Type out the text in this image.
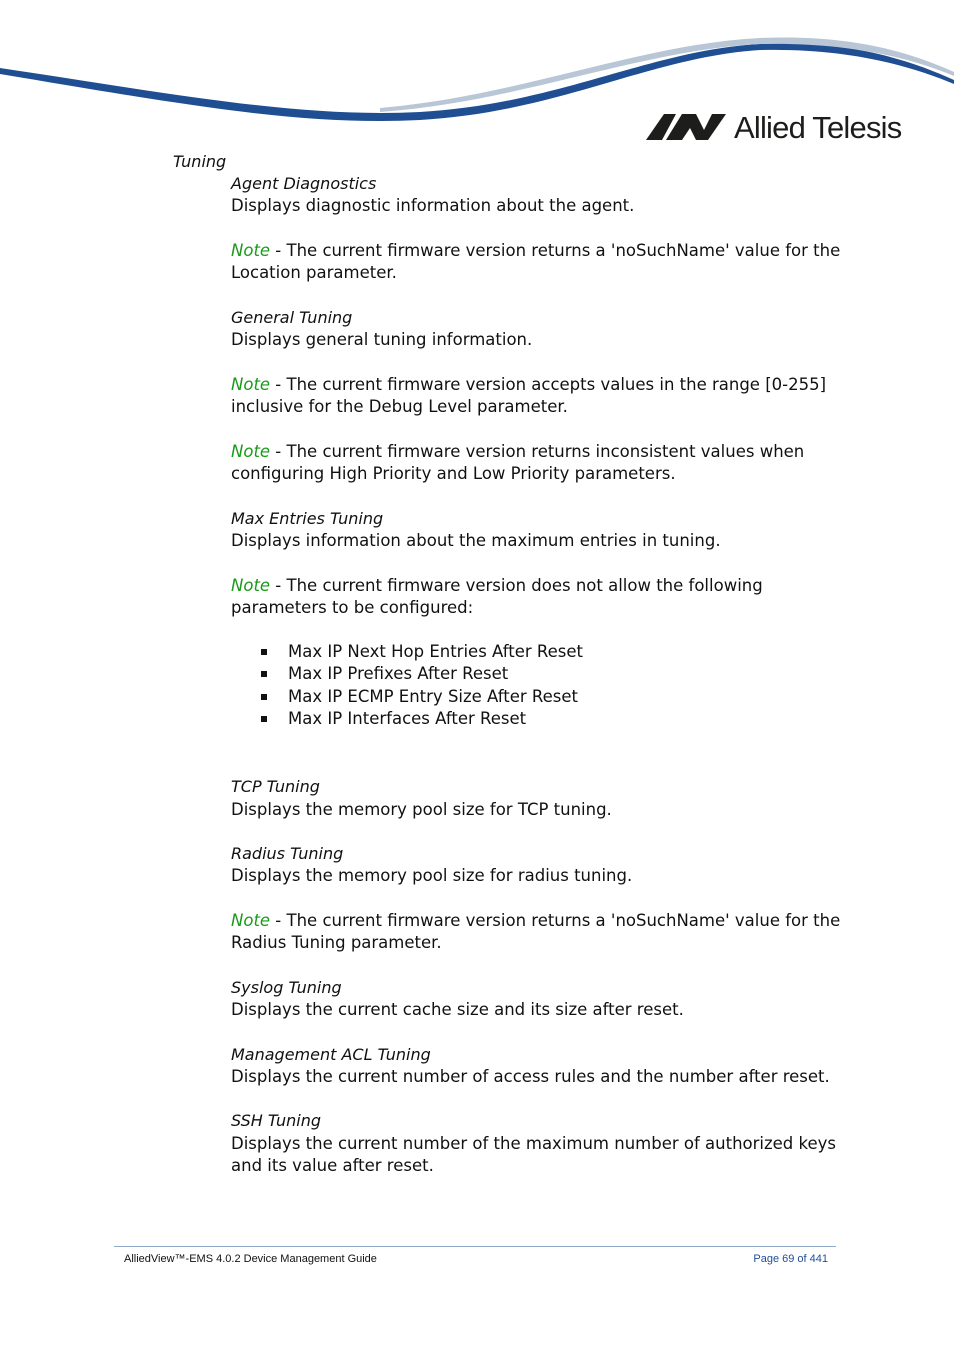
Allied Telesis
Tuning
Agent Diagnostics
Displays diagnostic information about the agent.
Note - The current firmware version returns a 'noSuchName' value for the Location parameter.
General Tuning
Displays general tuning information.
Note - The current firmware version accepts values in the range [0-255] inclusive for the Debug Level parameter.
Note - The current firmware version returns inconsistent values when configuring High Priority and Low Priority parameters.
Max Entries Tuning
Displays information about the maximum entries in tuning.
Note - The current firmware version does not allow the following parameters to be configured:
Max IP Next Hop Entries After Reset
Max IP Prefixes After Reset
Max IP ECMP Entry Size After Reset
Max IP Interfaces After Reset
TCP Tuning
Displays the memory pool size for TCP tuning.
Radius Tuning
Displays the memory pool size for radius tuning.
Note - The current firmware version returns a 'noSuchName' value for the Radius Tuning parameter.
Syslog Tuning
Displays the current cache size and its size after reset.
Management ACL Tuning
Displays the current number of access rules and the number after reset.
SSH Tuning
Displays the current number of the maximum number of authorized keys and its value after reset.
AlliedView™-EMS 4.0.2 Device Management Guide	Page 69 of 441
